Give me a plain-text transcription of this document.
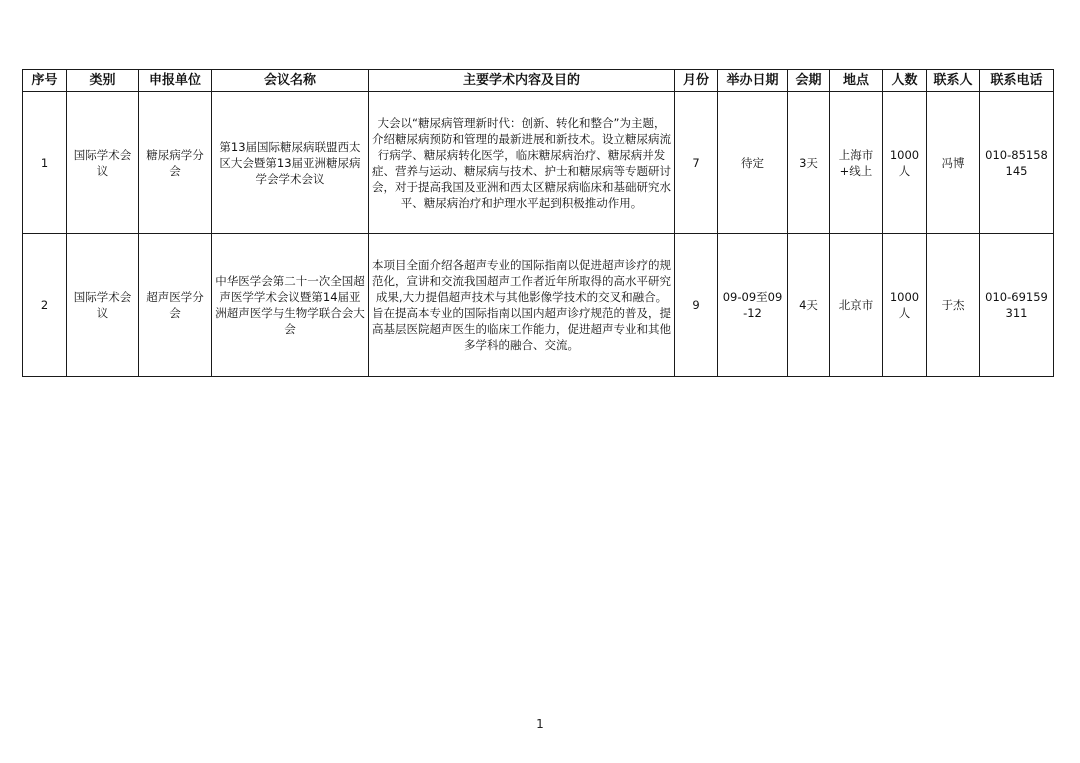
序号	类别	申报单位	会议名称	主要学术内容及目的	月份	举办日期	会期	地点	人数	联系人	联系电话
1	国际学术会议	糖尿病学分会	第13届国际糖尿病联盟西太区大会暨第13届亚洲糖尿病学会学术会议	大会以“糖尿病管理新时代：创新、转化和整合”为主题，介绍糖尿病预防和管理的最新进展和新技术。设立糖尿病流行病学、糖尿病转化医学，临床糖尿病治疗、糖尿病并发症、营养与运动、糖尿病与技术、护士和糖尿病等专题研讨会，对于提高我国及亚洲和西太区糖尿病临床和基础研究水平、糖尿病治疗和护理水平起到积极推动作用。	7	待定	3天	上海市+线上	1000人	冯博	010-85158145
2	国际学术会议	超声医学分会	中华医学会第二十一次全国超声医学学术会议暨第14届亚洲超声医学与生物学联合会大会	本项目全面介绍各超声专业的国际指南以促进超声诊疗的规范化，宣讲和交流我国超声工作者近年所取得的高水平研究成果,大力提倡超声技术与其他影像学技术的交叉和融合。旨在提高本专业的国际指南以国内超声诊疗规范的普及，提高基层医院超声医生的临床工作能力，促进超声专业和其他多学科的融合、交流。	9	09-09至09-12	4天	北京市	1000人	于杰	010-69159311
1
